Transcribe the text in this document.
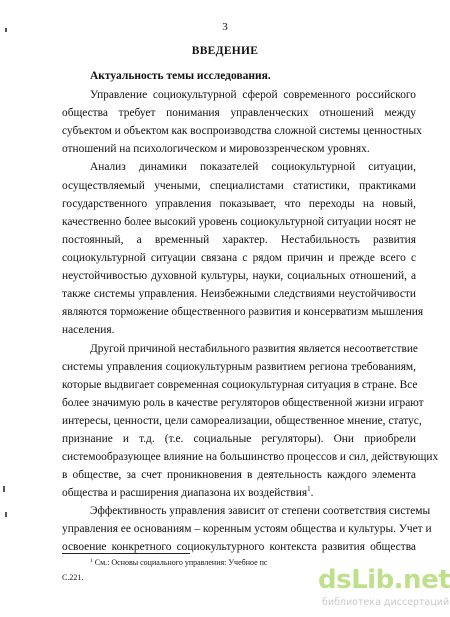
3
ВВЕДЕНИЕ
Актуальность темы исследования.
Управление социокультурной сферой современного российского
общества требует понимания управленческих отношений между
субъектом и объектом как воспроизводства сложной системы ценностных
отношений на психологическом и мировоззренческом уровнях.
Анализ динамики показателей социокультурной ситуации,
осуществляемый учеными, специалистами статистики, практиками
государственного управления показывает, что переходы на новый,
качественно более высокий уровень социокультурной ситуации носят не
постоянный, а временный характер. Нестабильность развития
социокультурной ситуации связана с рядом причин и прежде всего с
неустойчивостью духовной культуры, науки, социальных отношений, а
также системы управления. Неизбежными следствиями неустойчивости
являются торможение общественного развития и консерватизм мышления
населения.
Другой причиной нестабильного развития является несоответствие
системы управления социокультурным развитием региона требованиям,
которые выдвигает современная социокультурная ситуация в стране. Все
более значимую роль в качестве регуляторов общественной жизни играют
интересы, ценности, цели самореализации, общественное мнение, статус,
признание и т.д. (т.е. социальные регуляторы). Они приобрели
системообразующее влияние на большинство процессов и сил, действующих
в обществе, за счет проникновения в деятельность каждого элемента
общества и расширения диапазона их воздействия$^1$.
Эффективность управления зависит от степени соответствия системы
управления ее основаниям – коренным устоям общества и культуры. Учет и
освоение конкретного социокультурного контекста развития общества
$^1$ См.: Основы социального управления: Учебное пс
С.221.	dsLib.net
библиотека диссертаций
